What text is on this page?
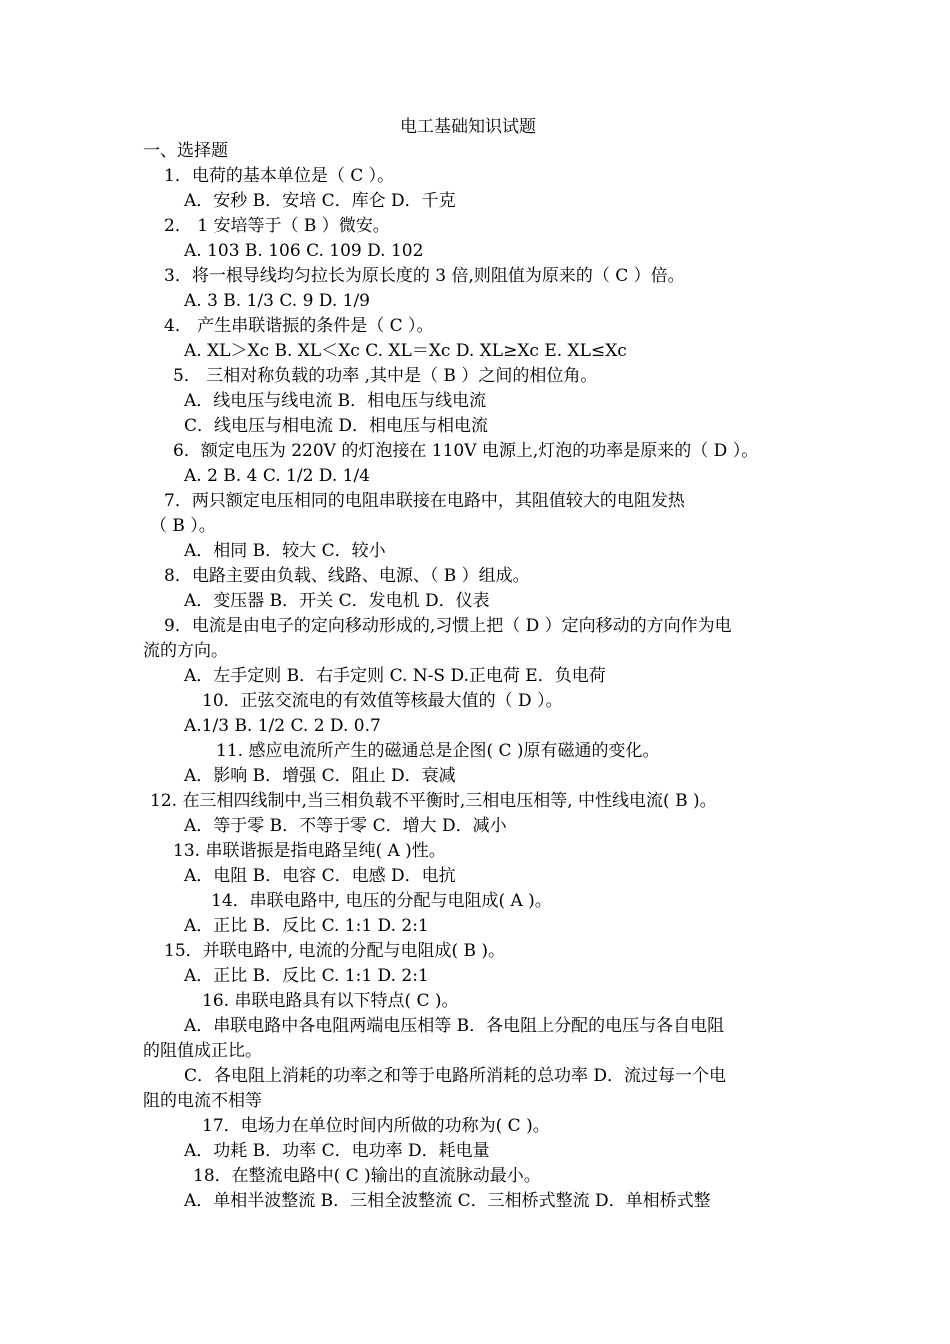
电工基础知识试题

一、选择题

1．电荷的基本单位是（ C ）。

A．安秒 B．安培 C．库仑 D．千克

2． 1 安培等于（ B ）微安。

A. 103 B. 106 C. 109 D. 102

3．将一根导线均匀拉长为原长度的 3 倍,则阻值为原来的（ C ）倍。

A. 3 B. 1/3 C. 9 D. 1/9

4． 产生串联谐振的条件是（ C ）。

A. XL＞Xc B. XL＜Xc C. XL＝Xc D. XL≥Xc E. XL≤Xc

5． 三相对称负载的功率 ,其中是（ B ）之间的相位角。

A．线电压与线电流 B．相电压与线电流

C．线电压与相电流 D．相电压与相电流

6．额定电压为 220V 的灯泡接在 110V 电源上,灯泡的功率是原来的（ D ）。

A. 2 B. 4 C. 1/2 D. 1/4

7．两只额定电压相同的电阻串联接在电路中，其阻值较大的电阻发热

（ B ）。

A．相同 B．较大 C．较小

8．电路主要由负载、线路、电源、（ B ）组成。

A．变压器 B．开关 C．发电机 D．仪表

9．电流是由电子的定向移动形成的,习惯上把（ D ）定向移动的方向作为电

流的方向。

A．左手定则 B．右手定则 C. N-S D.正电荷 E．负电荷

10．正弦交流电的有效值等核最大值的（ D ）。

A.1/3 B. 1/2 C. 2 D. 0.7

11. 感应电流所产生的磁通总是企图( C )原有磁通的变化。

A．影响 B．增强 C．阻止 D．衰减

12. 在三相四线制中,当三相负载不平衡时,三相电压相等, 中性线电流( B )。

A．等于零 B．不等于零 C．增大 D．减小

13. 串联谐振是指电路呈纯( A )性。

A．电阻 B．电容 C．电感 D．电抗

14．串联电路中, 电压的分配与电阻成( A )。

A．正比 B．反比 C. 1:1 D. 2:1

15．并联电路中, 电流的分配与电阻成( B )。

A．正比 B．反比 C. 1:1 D. 2:1

16. 串联电路具有以下特点( C )。

A．串联电路中各电阻两端电压相等 B．各电阻上分配的电压与各自电阻

的阻值成正比。

C．各电阻上消耗的功率之和等于电路所消耗的总功率 D．流过每一个电

阻的电流不相等

17．电场力在单位时间内所做的功称为( C )。

A．功耗 B．功率 C．电功率 D．耗电量

18．在整流电路中( C )输出的直流脉动最小。

A．单相半波整流 B．三相全波整流 C．三相桥式整流 D．单相桥式整
